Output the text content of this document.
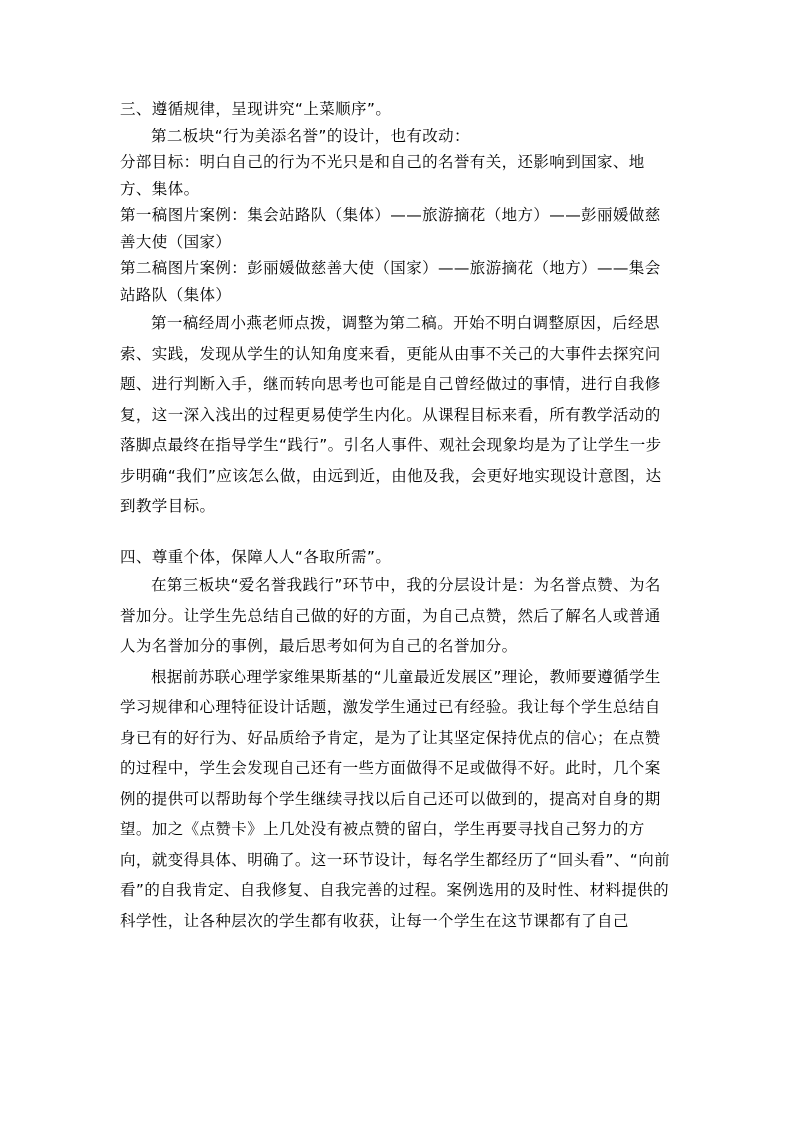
三、遵循规律，呈现讲究“上菜顺序”。

第二板块“行为美添名誉”的设计，也有改动：

分部目标：明白自己的行为不光只是和自己的名誉有关，还影响到国家、地方、集体。

第一稿图片案例：集会站路队（集体）——旅游摘花（地方）——彭丽媛做慈善大使（国家）

第二稿图片案例：彭丽媛做慈善大使（国家）——旅游摘花（地方）——集会站路队（集体）

第一稿经周小燕老师点拨，调整为第二稿。开始不明白调整原因，后经思索、实践，发现从学生的认知角度来看，更能从由事不关己的大事件去探究问题、进行判断入手，继而转向思考也可能是自己曾经做过的事情，进行自我修复，这一深入浅出的过程更易使学生内化。从课程目标来看，所有教学活动的落脚点最终在指导学生“践行”。引名人事件、观社会现象均是为了让学生一步步明确“我们”应该怎么做，由远到近，由他及我，会更好地实现设计意图，达到教学目标。

四、尊重个体，保障人人“各取所需”。

在第三板块“爱名誉我践行”环节中，我的分层设计是：为名誉点赞、为名誉加分。让学生先总结自己做的好的方面，为自己点赞，然后了解名人或普通人为名誉加分的事例，最后思考如何为自己的名誉加分。

根据前苏联心理学家维果斯基的“儿童最近发展区”理论，教师要遵循学生学习规律和心理特征设计话题，激发学生通过已有经验。我让每个学生总结自身已有的好行为、好品质给予肯定，是为了让其坚定保持优点的信心；在点赞的过程中，学生会发现自己还有一些方面做得不足或做得不好。此时，几个案例的提供可以帮助每个学生继续寻找以后自己还可以做到的，提高对自身的期望。加之《点赞卡》上几处没有被点赞的留白，学生再要寻找自己努力的方向，就变得具体、明确了。这一环节设计，每名学生都经历了“回头看”、“向前看”的自我肯定、自我修复、自我完善的过程。案例选用的及时性、材料提供的科学性，让各种层次的学生都有收获，让每一个学生在这节课都有了自己
